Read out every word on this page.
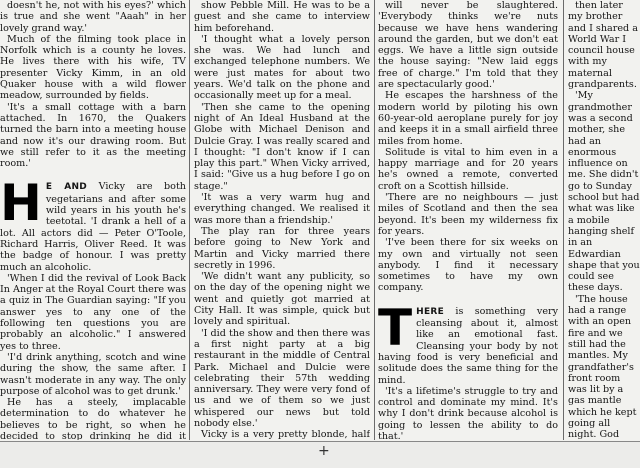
doesn't he, not with his eyes?' which is true and she went "Aaah" in her lovely grand way.'

Much of the filming took place in Norfolk which is a county he loves. He lives there with his wife, TV presenter Vicky Kimm, in an old Quaker house with a wild flower meadow, surrounded by fields.

'It's a small cottage with a barn attached. In 1670, the Quakers turned the barn into a meeting house and now it's our drawing room. But we still refer to it as the meeting room.'

H E AND Vicky are both vegetarians and after some wild years in his youth he's teetotal. 'I drank a hell of a lot. All actors did — Peter O'Toole, Richard Harris, Oliver Reed. It was the badge of honour. I was pretty much an alcoholic.

'When I did the revival of Look Back In Anger at the Royal Court there was a quiz in The Guardian saying: "If you answer yes to any one of the following ten questions you are probably an alcoholic." I answered yes to three.

'I'd drink anything, scotch and wine during the show, the same after. I wasn't moderate in any way. The only purpose of alcohol was to get drunk.'

He has a steely, implacable determination to do whatever he believes to be right, so when he decided to stop drinking he did it

show Pebble Mill. He was to be a guest and she came to interview him beforehand.

'I thought what a lovely person she was. We had lunch and exchanged telephone numbers. We were just mates for about two years. We'd talk on the phone and occasionally meet up for a meal.

'Then she came to the opening night of An Ideal Husband at the Globe with Michael Denison and Dulcie Gray. I was really scared and I thought: "I don't know if I can play this part." When Vicky arrived, I said: "Give us a hug before I go on stage."

'It was a very warm hug and everything changed. We realised it was more than a friendship.'

The play ran for three years before going to New York and Martin and Vicky married there secretly in 1996.

'We didn't want any publicity, so on the day of the opening night we went and quietly got married at City Hall. It was simple, quick but lovely and spiritual.

'I did the show and then there was a first night party at a big restaurant in the middle of Central Park. Michael and Dulcie were celebrating their 57th wedding anniversary. They were very fond of us and we of them so we just whispered our news but told nobody else.'

Vicky is a very pretty blonde, half

will never be slaughtered. 'Everybody thinks we're nuts because we have hens wandering around the garden, but we don't eat eggs. We have a little sign outside the house saying: "New laid eggs free of charge." I'm told that they are spectacularly good.'

He escapes the harshness of the modern world by piloting his own 60-year-old aeroplane purely for joy and keeps it in a small airfield three miles from home.

Solitude is vital to him even in a happy marriage and for 20 years he's owned a remote, converted croft on a Scottish hillside.

'There are no neighbours — just miles of Scotland and then the sea beyond. It's been my wilderness fix for years.

'I've been there for six weeks on my own and virtually not seen anybody. I find it necessary sometimes to have my own company.

THERE is something very cleansing about it, almost like an emotional fast. Cleansing your body by not having food is very beneficial and solitude does the same thing for the mind.

'It's a lifetime's struggle to try and control and dominate my mind. It's why I don't drink because alcohol is going to lessen the ability to do that.'

then later my brother and I shared a World War I council house with my maternal grandparents.

'My grandmother was a second mother, she had an enormous influence on me. She didn't go to Sunday school but had what was like a mobile hanging shelf in an Edwardian shape that you could see these days.

'The house had a range with an open fire and we still had the mantles. My grandfather's front room was lit by a gas mantle which he kept going all night. God

+
